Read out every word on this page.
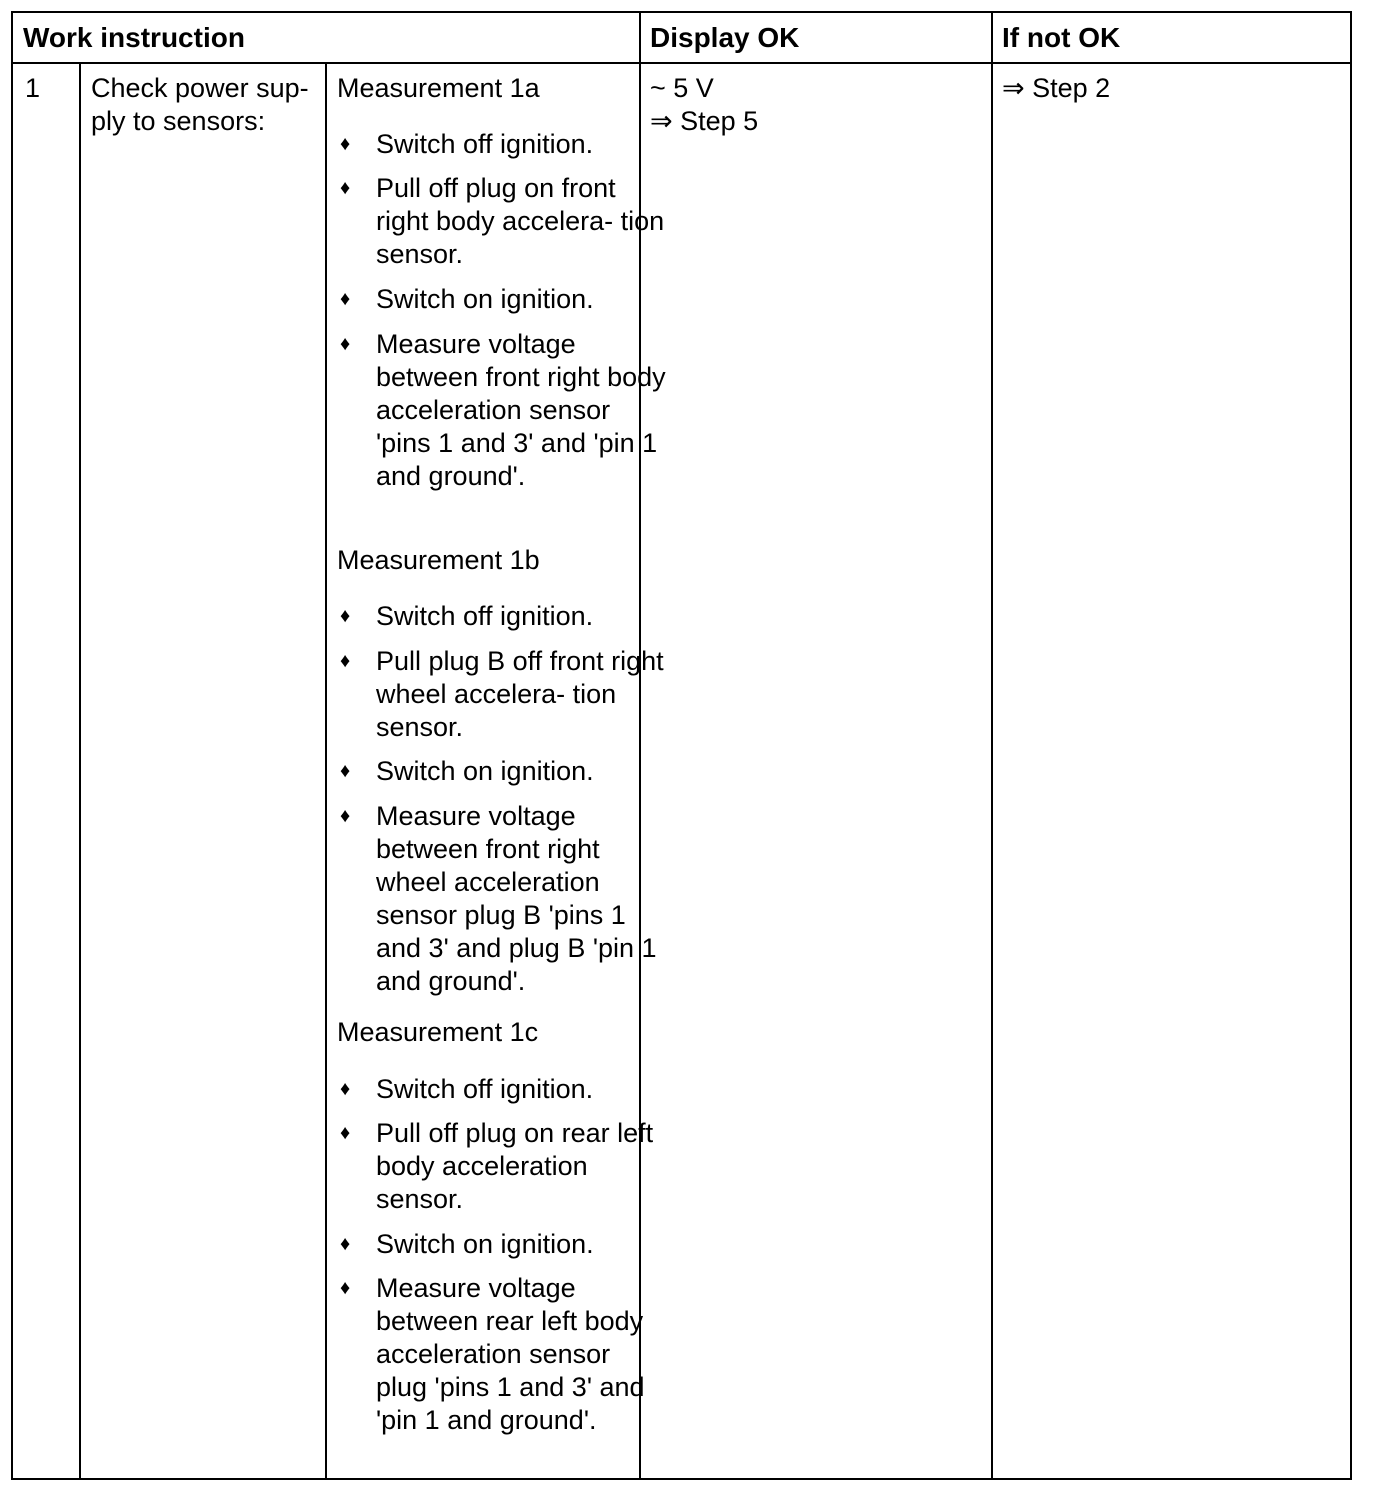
Work instruction	Display OK	If not OK
1 Check power sup-
ply to sensors:
~ 5 V
⇒ Step 5
⇒ Step 2
Measurement 1a
♦ Switch off ignition.
♦ Pull off plug on front right body accelera- tion sensor.
♦ Switch on ignition.
♦ Measure voltage between front right body acceleration sensor 'pins 1 and 3' and 'pin 1 and ground'.
Measurement 1b
♦ Switch off ignition.
♦ Pull plug B off front right wheel accelera- tion sensor.
♦ Switch on ignition.
♦ Measure voltage between front right wheel acceleration sensor plug B 'pins 1 and 3' and plug B 'pin 1 and ground'.
Measurement 1c
♦ Switch off ignition.
♦ Pull off plug on rear left body acceleration sensor.
♦ Switch on ignition.
♦ Measure voltage between rear left body acceleration sensor plug 'pins 1 and 3' and 'pin 1 and ground'.
